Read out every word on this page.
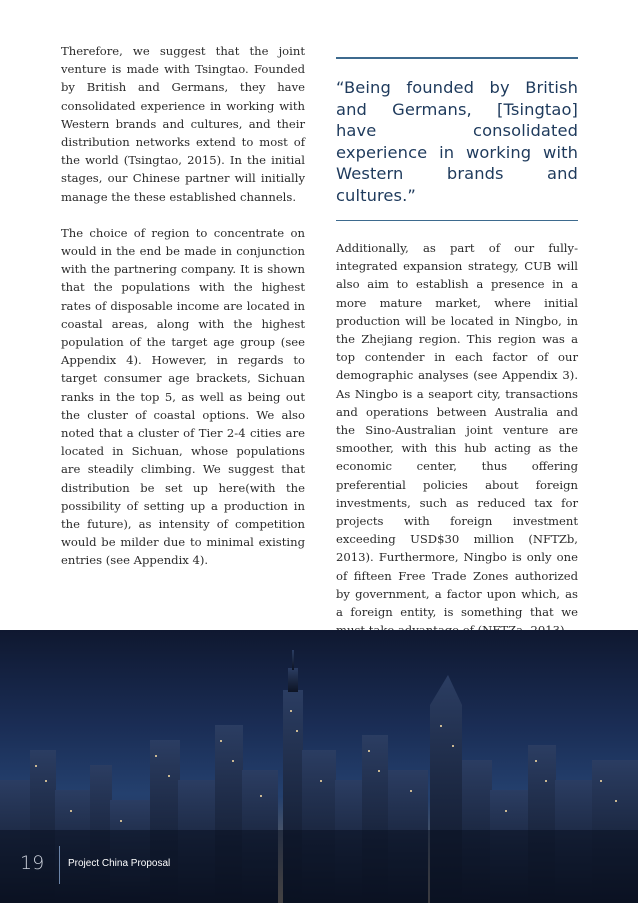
Therefore, we suggest that the joint venture is made with Tsingtao. Founded by British and Germans, they have consolidated experience in working with Western brands and cultures, and their distribution networks extend to most of the world (Tsingtao, 2015). In the initial stages, our Chinese partner will initially manage the these established channels.

The choice of region to concentrate on would in the end be made in conjunction with the partnering company. It is shown that the populations with the highest rates of disposable income are located in coastal areas, along with the highest population of the target age group (see Appendix 4). However, in regards to target consumer age brackets, Sichuan ranks in the top 5, as well as being out the cluster of coastal options. We also noted that a cluster of Tier 2-4 cities are located in Sichuan, whose populations are steadily climbing. We suggest that distribution be set up here(with the possibility of setting up a production in the future), as intensity of competition would be milder due to minimal existing entries (see Appendix 4).

“Being founded by British and Germans, [Tsingtao] have consolidated experience in working with Western brands and cultures.”

Additionally, as part of our fully-integrated expansion strategy, CUB will also aim to establish a presence in a more mature market, where initial production will be located in Ningbo, in the Zhejiang region. This region was a top contender in each factor of our demographic analyses (see Appendix 3). As Ningbo is a seaport city, transactions and operations between Australia and the Sino-Australian joint venture are smoother, with this hub acting as the economic center, thus offering preferential policies about foreign investments, such as reduced tax for projects with foreign investment exceeding USD$30 million (NFTZb, 2013). Furthermore, Ningbo is only one of fifteen Free Trade Zones authorized by government, a factor upon which, as a foreign entity, is something that we

19 Project China Proposal
